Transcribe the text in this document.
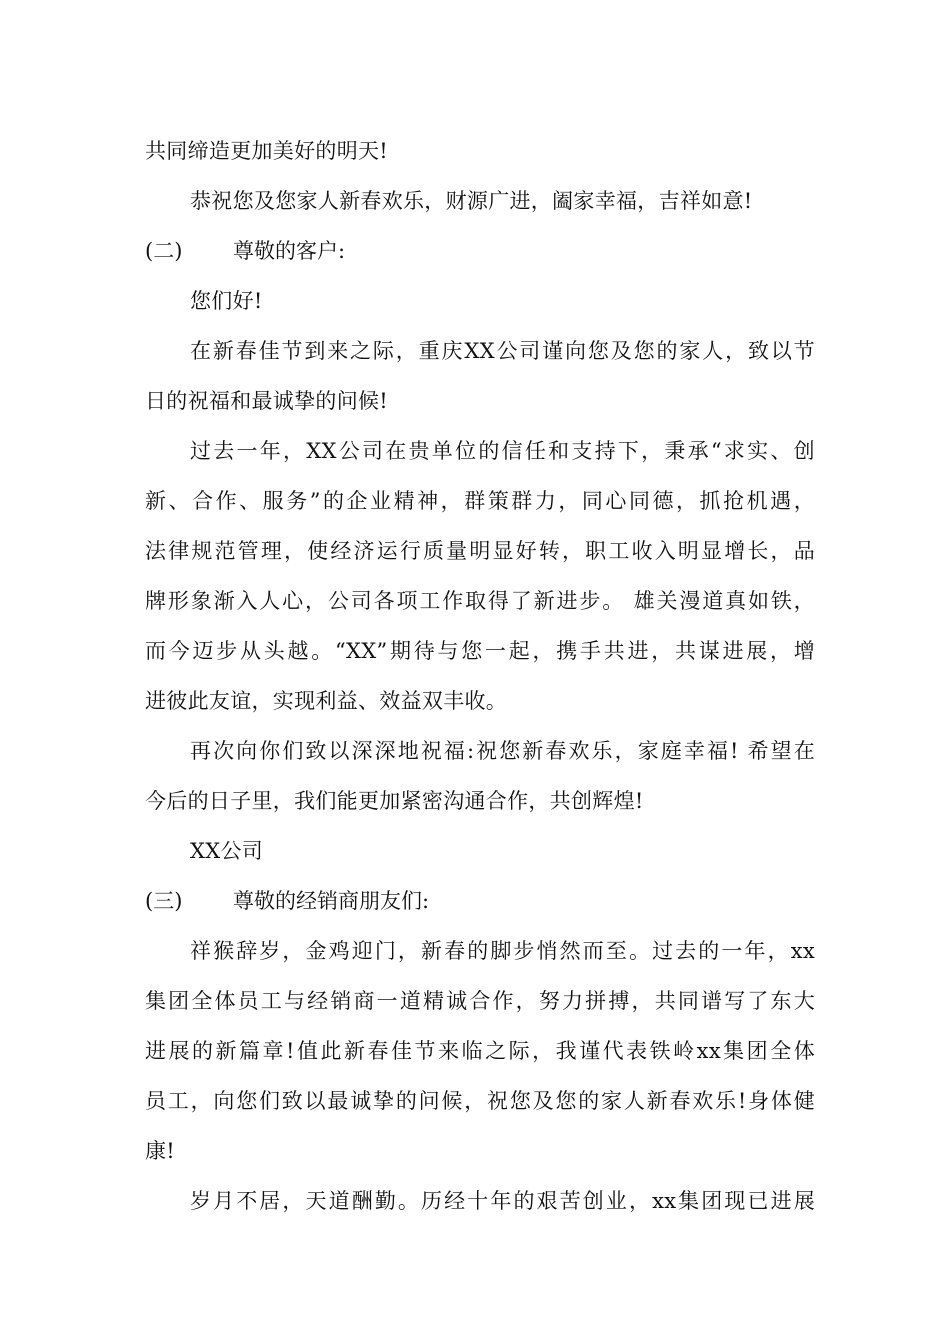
共同缔造更加美好的明天!
恭祝您及您家人新春欢乐，财源广进，阖家幸福，吉祥如意!
(二) 尊敬的客户:
您们好!
在新春佳节到来之际，重庆XX公司谨向您及您的家人，致以节
日的祝福和最诚挚的问候!
过去一年，XX公司在贵单位的信任和支持下，秉承“求实、创
新、合作、服务”的企业精神，群策群力，同心同德，抓抢机遇，
法律规范管理，使经济运行质量明显好转，职工收入明显增长，品
牌形象渐入人心，公司各项工作取得了新进步。 雄关漫道真如铁，
而今迈步从头越。“XX”期待与您一起，携手共进，共谋进展，增
进彼此友谊，实现利益、效益双丰收。
再次向你们致以深深地祝福:祝您新春欢乐，家庭幸福! 希望在
今后的日子里，我们能更加紧密沟通合作，共创辉煌!
XX公司
(三) 尊敬的经销商朋友们:
祥猴辞岁，金鸡迎门，新春的脚步悄然而至。过去的一年，xx
集团全体员工与经销商一道精诚合作，努力拼搏，共同谱写了东大
进展的新篇章!值此新春佳节来临之际，我谨代表铁岭xx集团全体
员工，向您们致以最诚挚的问候，祝您及您的家人新春欢乐!身体健
康!
岁月不居，天道酬勤。历经十年的艰苦创业，xx集团现已进展
